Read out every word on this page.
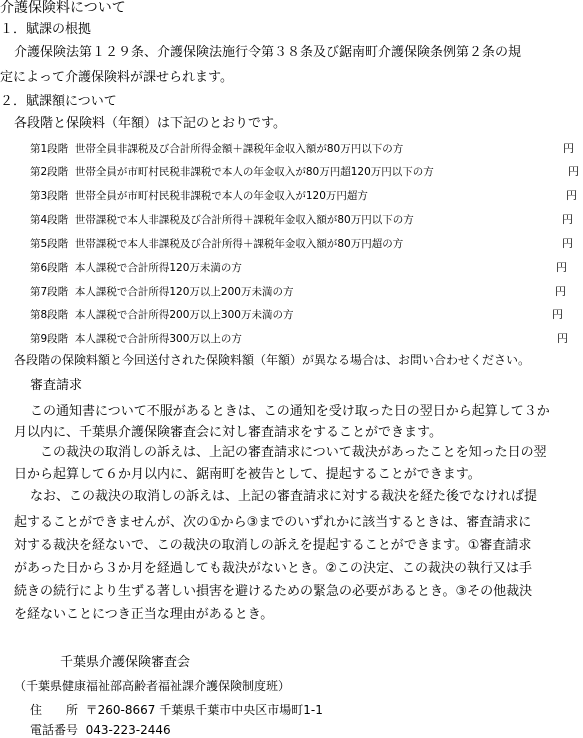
介護保険料について
１．賦課の根拠
介護保険法第１２９条、介護保険法施行令第３８条及び鋸南町介護保険条例第２条の規
定によって介護保険料が課せられます。
２．賦課額について
各段階と保険料（年額）は下記のとおりです。
第1段階 世帯全員非課税及び合計所得金額＋課税年金収入額が80万円以下の方	円
第2段階 世帯全員が市町村民税非課税で本人の年金収入が80万円超120万円以下の方	円
第3段階 世帯全員が市町村民税非課税で本人の年金収入が120万円超方	円
第4段階 世帯課税で本人非課税及び合計所得＋課税年金収入額が80万円以下の方	円
第5段階 世帯課税で本人非課税及び合計所得＋課税年金収入額が80万円超の方	円
第6段階 本人課税で合計所得120万未満の方	円
第7段階 本人課税で合計所得120万以上200万未満の方	円
第8段階 本人課税で合計所得200万以上300万未満の方	円
第9段階 本人課税で合計所得300万以上の方	円
各段階の保険料額と今回送付された保険料額（年額）が異なる場合は、お問い合わせください。
審査請求
この通知書について不服があるときは、この通知を受け取った日の翌日から起算して３か
月以内に、千葉県介護保険審査会に対し審査請求をすることができます。
この裁決の取消しの訴えは、上記の審査請求について裁決があったことを知った日の翌
日から起算して６か月以内に、鋸南町を被告として、提起することができます。
なお、この裁決の取消しの訴えは、上記の審査請求に対する裁決を経た後でなければ提
起することができませんが、次の①から③までのいずれかに該当するときは、審査請求に
対する裁決を経ないで、この裁決の取消しの訴えを提起することができます。①審査請求
があった日から３か月を経過しても裁決がないとき。②この決定、この裁決の執行又は手
続きの続行により生ずる著しい損害を避けるための緊急の必要があるとき。③その他裁決
を経ないことにつき正当な理由があるとき。
千葉県介護保険審査会
（千葉県健康福祉部高齢者福祉課介護保険制度班）
住　　所 〒260-8667 千葉県千葉市中央区市場町1-1
電話番号 043-223-2446
